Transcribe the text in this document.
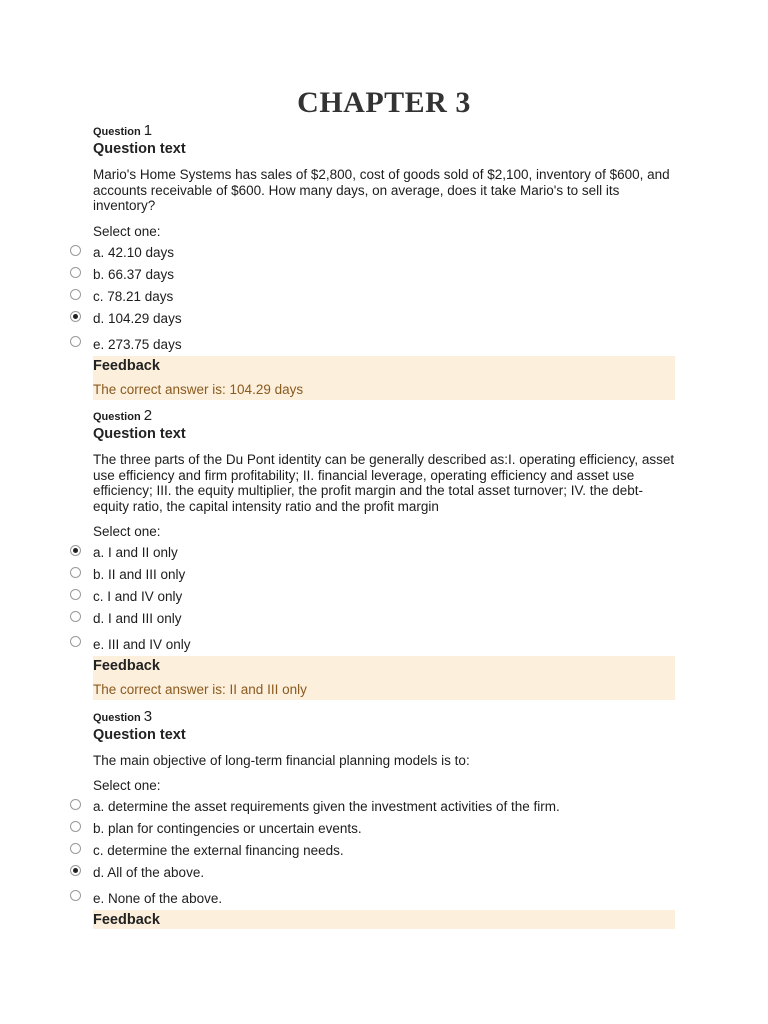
CHAPTER 3
Question 1
Question text
Mario's Home Systems has sales of $2,800, cost of goods sold of $2,100, inventory of $600, and accounts receivable of $600. How many days, on average, does it take Mario's to sell its inventory?
Select one:
a. 42.10 days
b. 66.37 days
c. 78.21 days
d. 104.29 days
e. 273.75 days
Feedback
The correct answer is: 104.29 days
Question 2
Question text
The three parts of the Du Pont identity can be generally described as:I. operating efficiency, asset use efficiency and firm profitability; II. financial leverage, operating efficiency and asset use efficiency; III. the equity multiplier, the profit margin and the total asset turnover; IV. the debt-equity ratio, the capital intensity ratio and the profit margin
Select one:
a. I and II only
b. II and III only
c. I and IV only
d. I and III only
e. III and IV only
Feedback
The correct answer is: II and III only
Question 3
Question text
The main objective of long-term financial planning models is to:
Select one:
a. determine the asset requirements given the investment activities of the firm.
b. plan for contingencies or uncertain events.
c. determine the external financing needs.
d. All of the above.
e. None of the above.
Feedback
